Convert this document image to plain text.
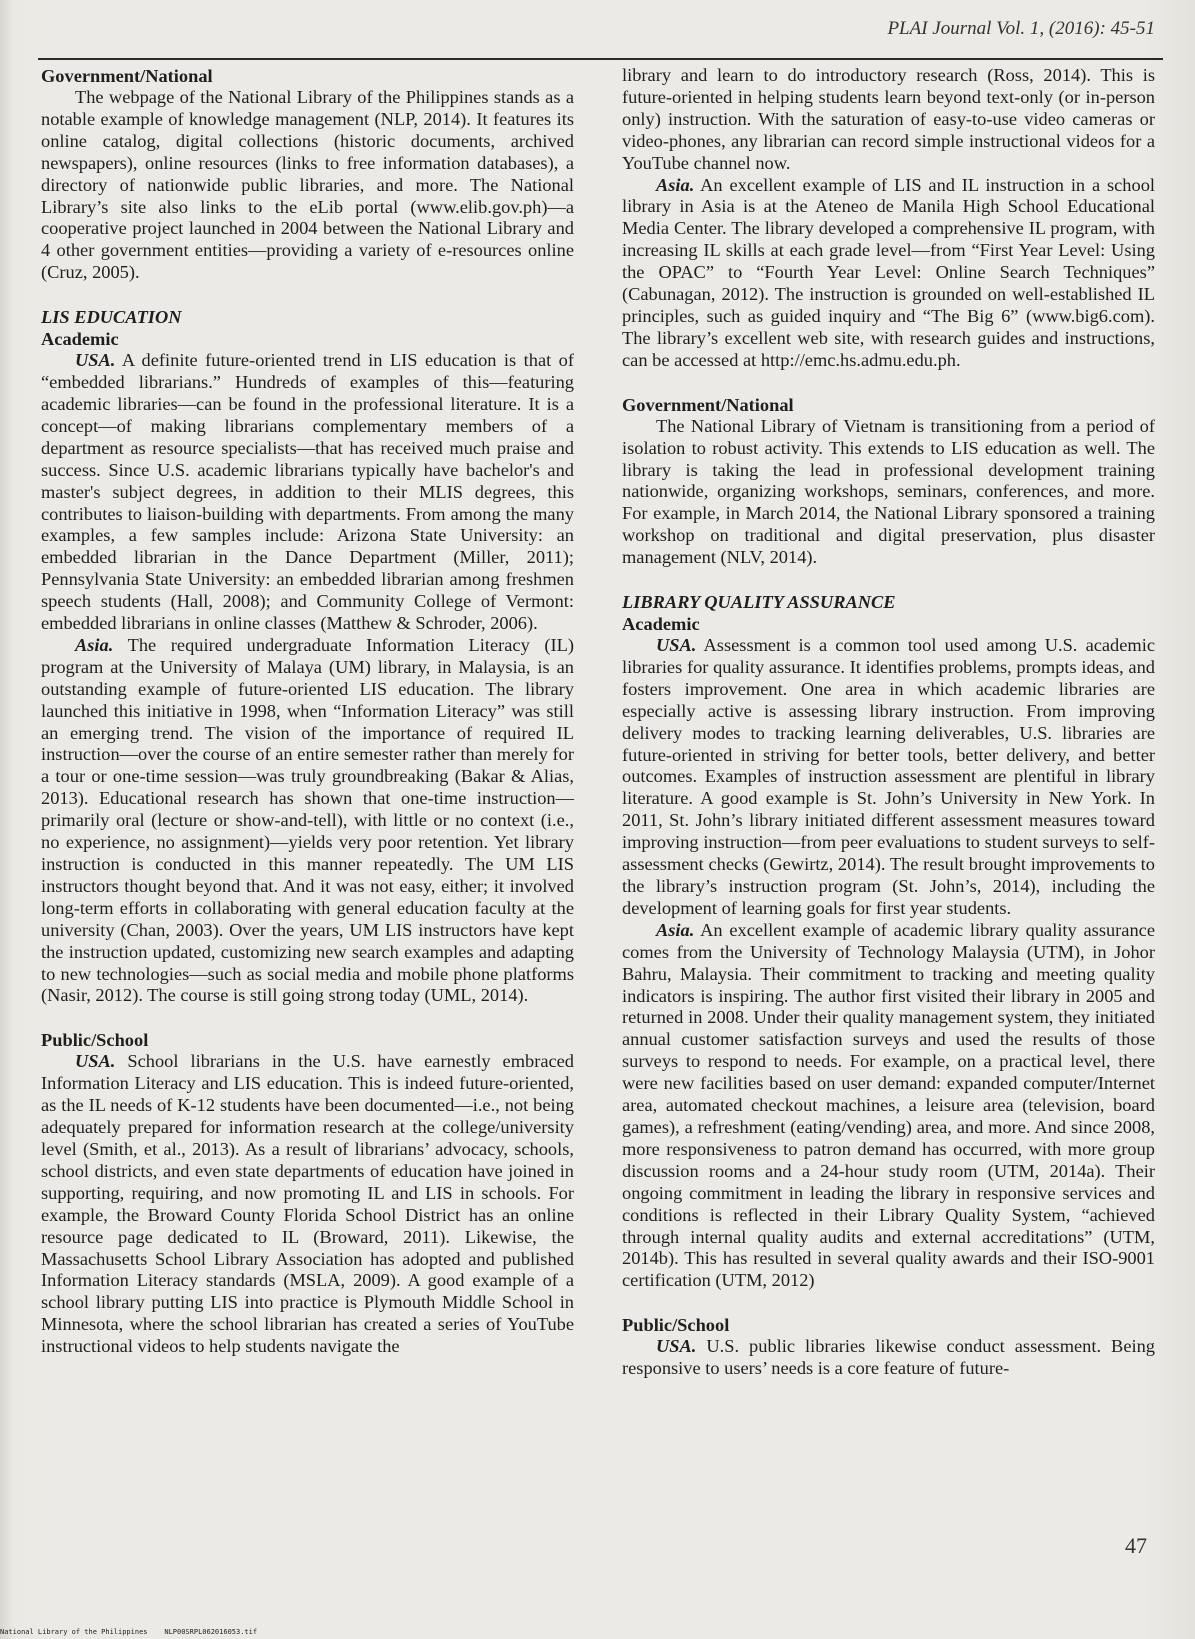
PLAI Journal Vol. 1, (2016): 45-51
Government/National

The webpage of the National Library of the Philippines stands as a notable example of knowledge management (NLP, 2014). It features its online catalog, digital collections (historic documents, archived newspapers), online resources (links to free information databases), a directory of nationwide public libraries, and more. The National Library’s site also links to the eLib portal (www.elib.gov.ph)—a cooperative project launched in 2004 between the National Library and 4 other government entities—providing a variety of e-resources online (Cruz, 2005).

LIS EDUCATION
Academic

USA. A definite future-oriented trend in LIS education is that of “embedded librarians.” Hundreds of examples of this—featuring academic libraries—can be found in the professional literature. It is a concept—of making librarians complementary members of a department as resource specialists—that has received much praise and success. Since U.S. academic librarians typically have bachelor's and master's subject degrees, in addition to their MLIS degrees, this contributes to liaison-building with departments. From among the many examples, a few samples include: Arizona State University: an embedded librarian in the Dance Department (Miller, 2011); Pennsylvania State University: an embedded librarian among freshmen speech students (Hall, 2008); and Community College of Vermont: embedded librarians in online classes (Matthew & Schroder, 2006).

Asia. The required undergraduate Information Literacy (IL) program at the University of Malaya (UM) library, in Malaysia, is an outstanding example of future-oriented LIS education. The library launched this initiative in 1998, when “Information Literacy” was still an emerging trend. The vision of the importance of required IL instruction—over the course of an entire semester rather than merely for a tour or one-time session—was truly groundbreaking (Bakar & Alias, 2013). Educational research has shown that one-time instruction—primarily oral (lecture or show-and-tell), with little or no context (i.e., no experience, no assignment)—yields very poor retention. Yet library instruction is conducted in this manner repeatedly. The UM LIS instructors thought beyond that. And it was not easy, either; it involved long-term efforts in collaborating with general education faculty at the university (Chan, 2003). Over the years, UM LIS instructors have kept the instruction updated, customizing new search examples and adapting to new technologies—such as social media and mobile phone platforms (Nasir, 2012). The course is still going strong today (UML, 2014).

Public/School

USA. School librarians in the U.S. have earnestly embraced Information Literacy and LIS education. This is indeed future-oriented, as the IL needs of K-12 students have been documented—i.e., not being adequately prepared for information research at the college/university level (Smith, et al., 2013). As a result of librarians’ advocacy, schools, school districts, and even state departments of education have joined in supporting, requiring, and now promoting IL and LIS in schools. For example, the Broward County Florida School District has an online resource page dedicated to IL (Broward, 2011). Likewise, the Massachusetts School Library Association has adopted and published Information Literacy standards (MSLA, 2009). A good example of a school library putting LIS into practice is Plymouth Middle School in Minnesota, where the school librarian has created a series of YouTube instructional videos to help students navigate the

library and learn to do introductory research (Ross, 2014). This is future-oriented in helping students learn beyond text-only (or in-person only) instruction. With the saturation of easy-to-use video cameras or video-phones, any librarian can record simple instructional videos for a YouTube channel now.

Asia. An excellent example of LIS and IL instruction in a school library in Asia is at the Ateneo de Manila High School Educational Media Center. The library developed a comprehensive IL program, with increasing IL skills at each grade level—from “First Year Level: Using the OPAC” to “Fourth Year Level: Online Search Techniques” (Cabunagan, 2012). The instruction is grounded on well-established IL principles, such as guided inquiry and “The Big 6” (www.big6.com). The library’s excellent web site, with research guides and instructions, can be accessed at http://emc.hs.admu.edu.ph.

Government/National

The National Library of Vietnam is transitioning from a period of isolation to robust activity. This extends to LIS education as well. The library is taking the lead in professional development training nationwide, organizing workshops, seminars, conferences, and more. For example, in March 2014, the National Library sponsored a training workshop on traditional and digital preservation, plus disaster management (NLV, 2014).

LIBRARY QUALITY ASSURANCE
Academic

USA. Assessment is a common tool used among U.S. academic libraries for quality assurance. It identifies problems, prompts ideas, and fosters improvement. One area in which academic libraries are especially active is assessing library instruction. From improving delivery modes to tracking learning deliverables, U.S. libraries are future-oriented in striving for better tools, better delivery, and better outcomes. Examples of instruction assessment are plentiful in library literature. A good example is St. John’s University in New York. In 2011, St. John’s library initiated different assessment measures toward improving instruction—from peer evaluations to student surveys to self-assessment checks (Gewirtz, 2014). The result brought improvements to the library’s instruction program (St. John’s, 2014), including the development of learning goals for first year students.

Asia. An excellent example of academic library quality assurance comes from the University of Technology Malaysia (UTM), in Johor Bahru, Malaysia. Their commitment to tracking and meeting quality indicators is inspiring. The author first visited their library in 2005 and returned in 2008. Under their quality management system, they initiated annual customer satisfaction surveys and used the results of those surveys to respond to needs. For example, on a practical level, there were new facilities based on user demand: expanded computer/Internet area, automated checkout machines, a leisure area (television, board games), a refreshment (eating/vending) area, and more. And since 2008, more responsiveness to patron demand has occurred, with more group discussion rooms and a 24-hour study room (UTM, 2014a). Their ongoing commitment in leading the library in responsive services and conditions is reflected in their Library Quality System, “achieved through internal quality audits and external accreditations” (UTM, 2014b). This has resulted in several quality awards and their ISO-9001 certification (UTM, 2012)

Public/School

USA. U.S. public libraries likewise conduct assessment. Being responsive to users’ needs is a core feature of future-

47
National Library of the Philippines    NLP00SRPL062016053.tif
